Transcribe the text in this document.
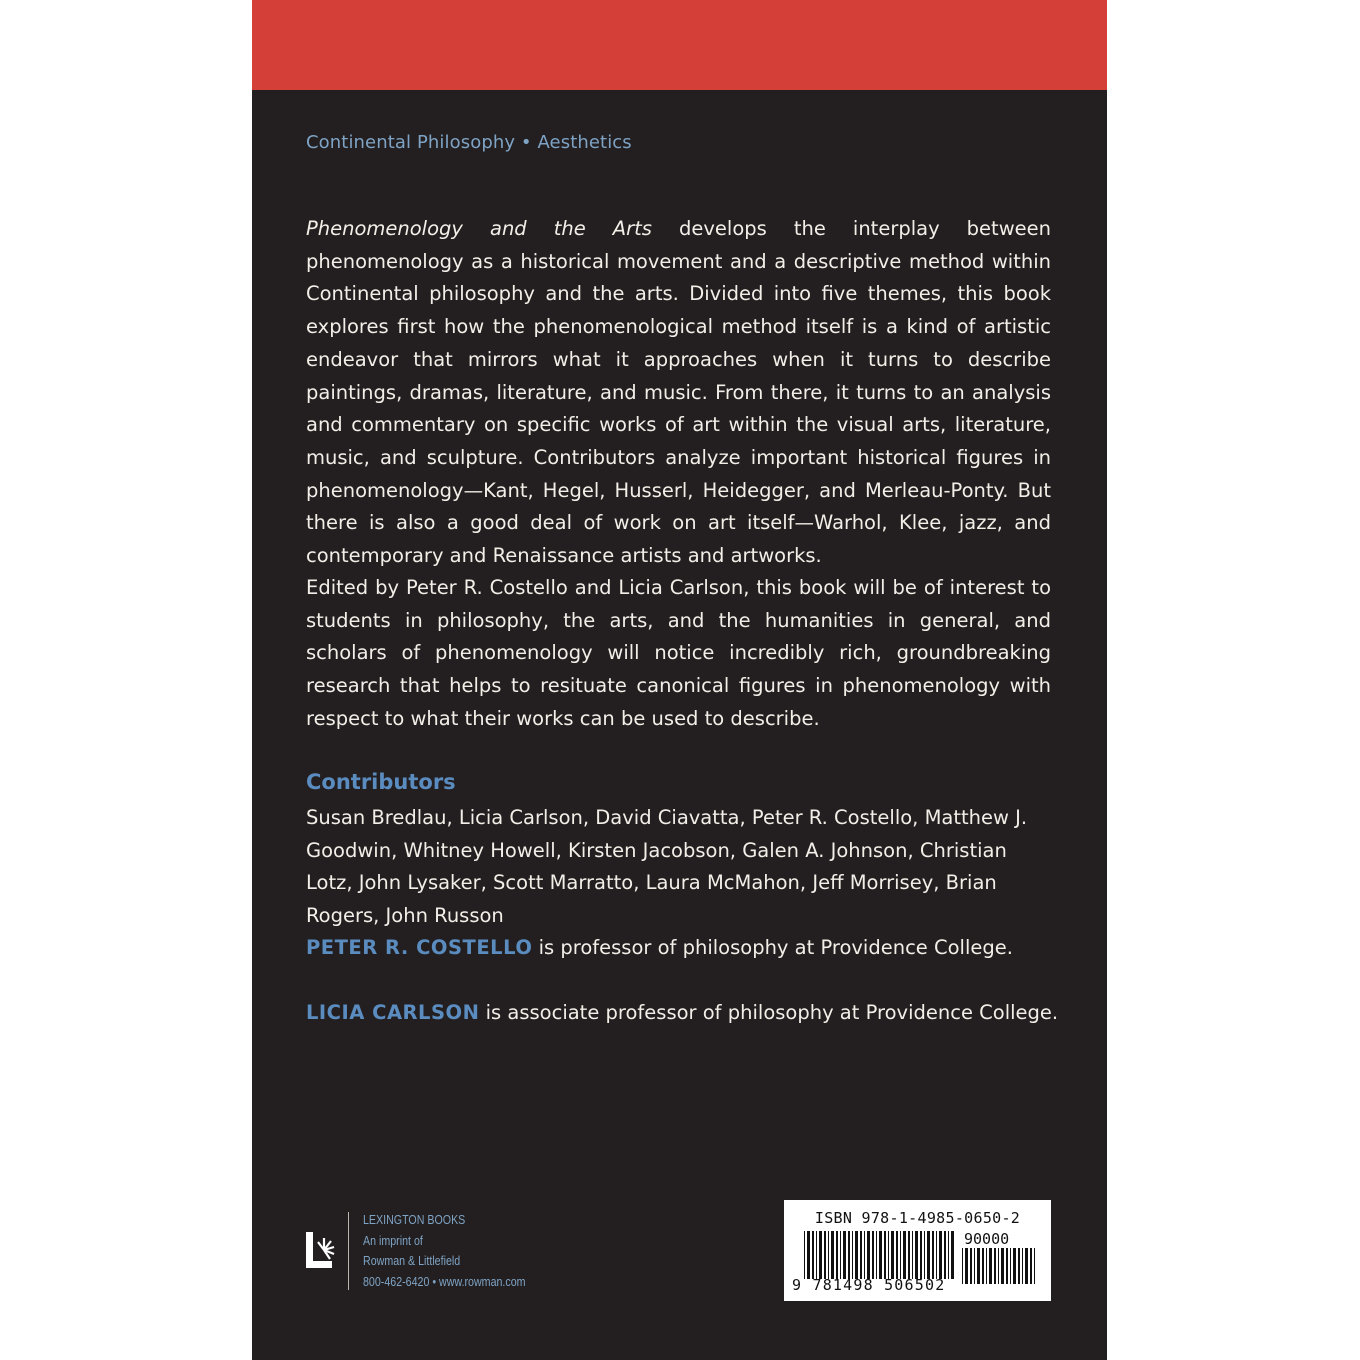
Continental Philosophy • Aesthetics

Phenomenology and the Arts develops the interplay between phenomenology as a historical movement and a descriptive method within Continental philosophy and the arts. Divided into five themes, this book explores first how the phenomenological method itself is a kind of artistic endeavor that mirrors what it approaches when it turns to describe paintings, dramas, literature, and music. From there, it turns to an analysis and commentary on specific works of art within the visual arts, literature, music, and sculpture. Contributors analyze important historical figures in phenomenology—Kant, Hegel, Husserl, Heidegger, and Merleau-Ponty. But there is also a good deal of work on art itself—Warhol, Klee, jazz, and contemporary and Renaissance artists and artworks.

Edited by Peter R. Costello and Licia Carlson, this book will be of interest to students in philosophy, the arts, and the humanities in general, and scholars of phenomenology will notice incredibly rich, groundbreaking research that helps to resituate canonical figures in phenomenology with respect to what their works can be used to describe.

Contributors

Susan Bredlau, Licia Carlson, David Ciavatta, Peter R. Costello, Matthew J. Goodwin, Whitney Howell, Kirsten Jacobson, Galen A. Johnson, Christian Lotz, John Lysaker, Scott Marratto, Laura McMahon, Jeff Morrisey, Brian Rogers, John Russon

PETER R. COSTELLO is professor of philosophy at Providence College.

LICIA CARLSON is associate professor of philosophy at Providence College.

LEXINGTON BOOKS
An imprint of
Rowman & Littlefield
800-462-6420 • www.rowman.com
ISBN 978-1-4985-0650-2
90000
9 781498 506502
